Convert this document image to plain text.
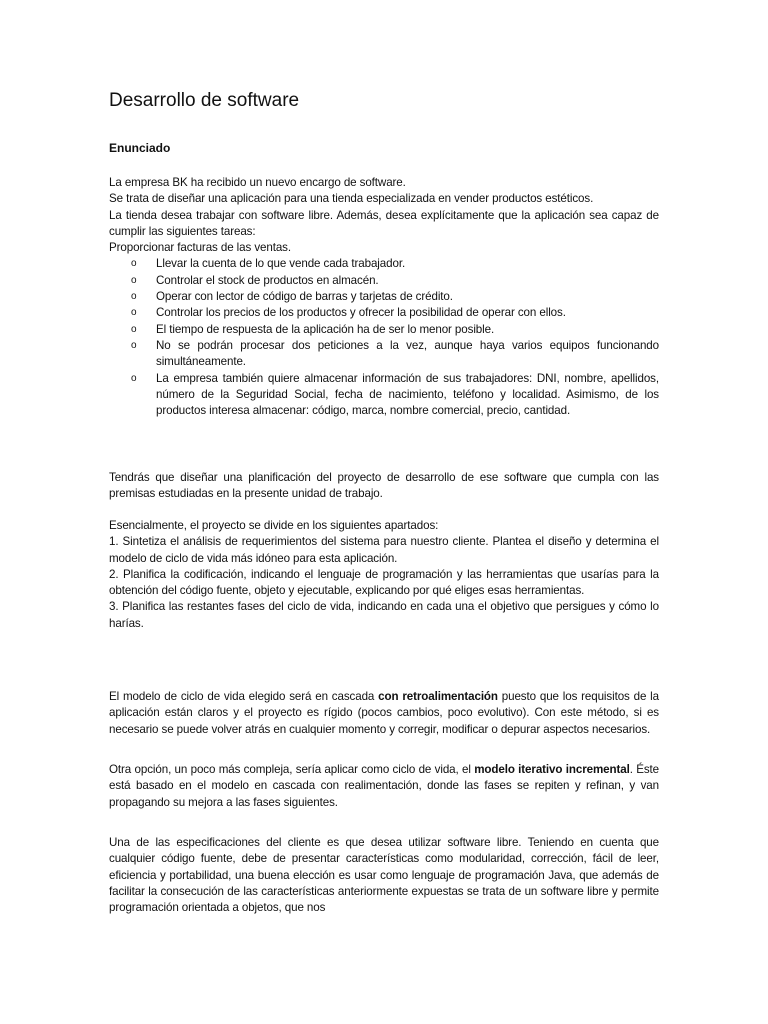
Desarrollo de software
Enunciado

La empresa BK ha recibido un nuevo encargo de software.

Se trata de diseñar una aplicación para una tienda especializada en vender productos estéticos.

La tienda desea trabajar con software libre. Además, desea explícitamente que la aplicación sea capaz de cumplir las siguientes tareas:

Proporcionar facturas de las ventas.

o Llevar la cuenta de lo que vende cada trabajador.
o Controlar el stock de productos en almacén.
o Operar con lector de código de barras y tarjetas de crédito.
o Controlar los precios de los productos y ofrecer la posibilidad de operar con ellos.
o El tiempo de respuesta de la aplicación ha de ser lo menor posible.
o No se podrán procesar dos peticiones a la vez, aunque haya varios equipos funcionando simultáneamente.
o La empresa también quiere almacenar información de sus trabajadores: DNI, nombre, apellidos, número de la Seguridad Social, fecha de nacimiento, teléfono y localidad. Asimismo, de los productos interesa almacenar: código, marca, nombre comercial, precio, cantidad.

Tendrás que diseñar una planificación del proyecto de desarrollo de ese software que cumpla con las premisas estudiadas en la presente unidad de trabajo.

Esencialmente, el proyecto se divide en los siguientes apartados:

1. Sintetiza el análisis de requerimientos del sistema para nuestro cliente. Plantea el diseño y determina el modelo de ciclo de vida más idóneo para esta aplicación.

2. Planifica la codificación, indicando el lenguaje de programación y las herramientas que usarías para la obtención del código fuente, objeto y ejecutable, explicando por qué eliges esas herramientas.

3. Planifica las restantes fases del ciclo de vida, indicando en cada una el objetivo que persigues y cómo lo harías.

El modelo de ciclo de vida elegido será en cascada con retroalimentación puesto que los requisitos de la aplicación están claros y el proyecto es rígido (pocos cambios, poco evolutivo). Con este método, si es necesario se puede volver atrás en cualquier momento y corregir, modificar o depurar aspectos necesarios.

Otra opción, un poco más compleja, sería aplicar como ciclo de vida, el modelo iterativo incremental. Éste está basado en el modelo en cascada con realimentación, donde las fases se repiten y refinan, y van propagando su mejora a las fases siguientes.

Una de las especificaciones del cliente es que desea utilizar software libre. Teniendo en cuenta que cualquier código fuente, debe de presentar características como modularidad, corrección, fácil de leer, eficiencia y portabilidad, una buena elección es usar como lenguaje de programación Java, que además de facilitar la consecución de las características anteriormente expuestas se trata de un software libre y permite programación orientada a objetos, que nos
